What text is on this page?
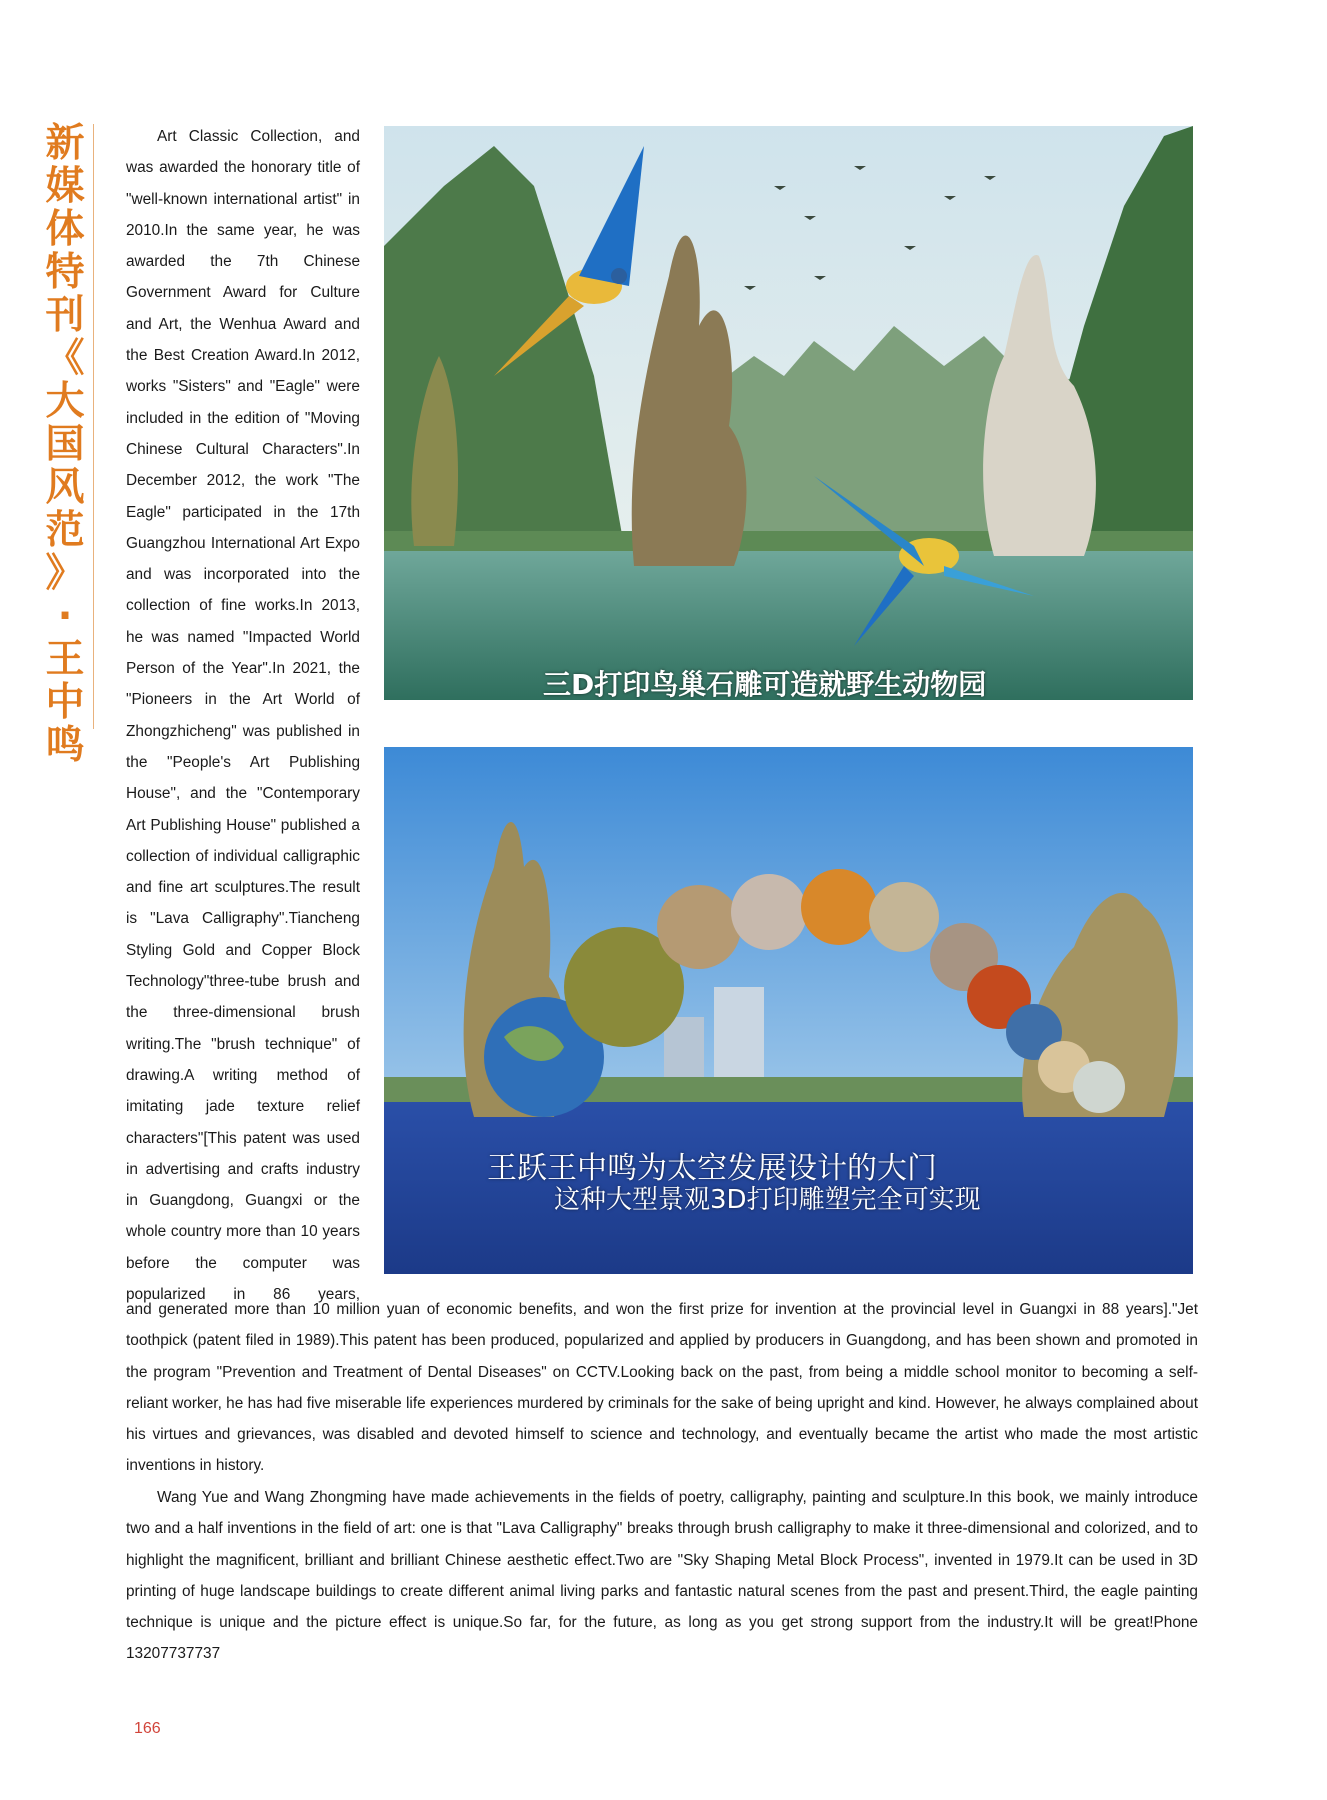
新
媒
体
特
刊
《
大
国
风
范
》
·
王
中
鸣

Art Classic Collection, and was awarded the honorary title of "well-known international artist" in 2010.In the same year, he was awarded the 7th Chinese Government Award for Culture and Art, the Wenhua Award and the Best Creation Award.In 2012, works "Sisters" and "Eagle" were included in the edition of "Moving Chinese Cultural Characters".In December 2012, the work "The Eagle" participated in the 17th Guangzhou International Art Expo and was incorporated into the collection of fine works.In 2013, he was named "Impacted World Person of the Year".In 2021, the "Pioneers in the Art World of Zhongzhicheng" was published in the "People's Art Publishing House", and the "Contemporary Art Publishing House" published a collection of individual calligraphic and fine art sculptures.The result is "Lava Calligraphy".Tiancheng Styling Gold and Copper Block Technology"three-tube brush and the three-dimensional brush writing.The "brush technique" of drawing.A writing method of imitating jade texture relief characters"[This patent was used in advertising and crafts industry in Guangdong, Guangxi or the whole country more than 10 years before the computer was popularized in 86 years,

三D打印鸟巢石雕可造就野生动物园
王跃王中鸣为太空发展设计的大门
这种大型景观3D打印雕塑完全可实现

and generated more than 10 million yuan of economic benefits, and won the first prize for invention at the provincial level in Guangxi in 88 years]."Jet toothpick (patent filed in 1989).This patent has been produced, popularized and applied by producers in Guangdong, and has been shown and promoted in the program "Prevention and Treatment of Dental Diseases" on CCTV.Looking back on the past, from being a middle school monitor to becoming a self-reliant worker, he has had five miserable life experiences murdered by criminals for the sake of being upright and kind. However, he always complained about his virtues and grievances, was disabled and devoted himself to science and technology, and eventually became the artist who made the most artistic inventions in history.

Wang Yue and Wang Zhongming have made achievements in the fields of poetry, calligraphy, painting and sculpture.In this book, we mainly introduce two and a half inventions in the field of art: one is that "Lava Calligraphy" breaks through brush calligraphy to make it three-dimensional and colorized, and to highlight the magnificent, brilliant and brilliant Chinese aesthetic effect.Two are "Sky Shaping Metal Block Process", invented in 1979.It can be used in 3D printing of huge landscape buildings to create different animal living parks and fantastic natural scenes from the past and present.Third, the eagle painting technique is unique and the picture effect is unique.So far, for the future, as long as you get strong support from the industry.It will be great!Phone 13207737737

166
